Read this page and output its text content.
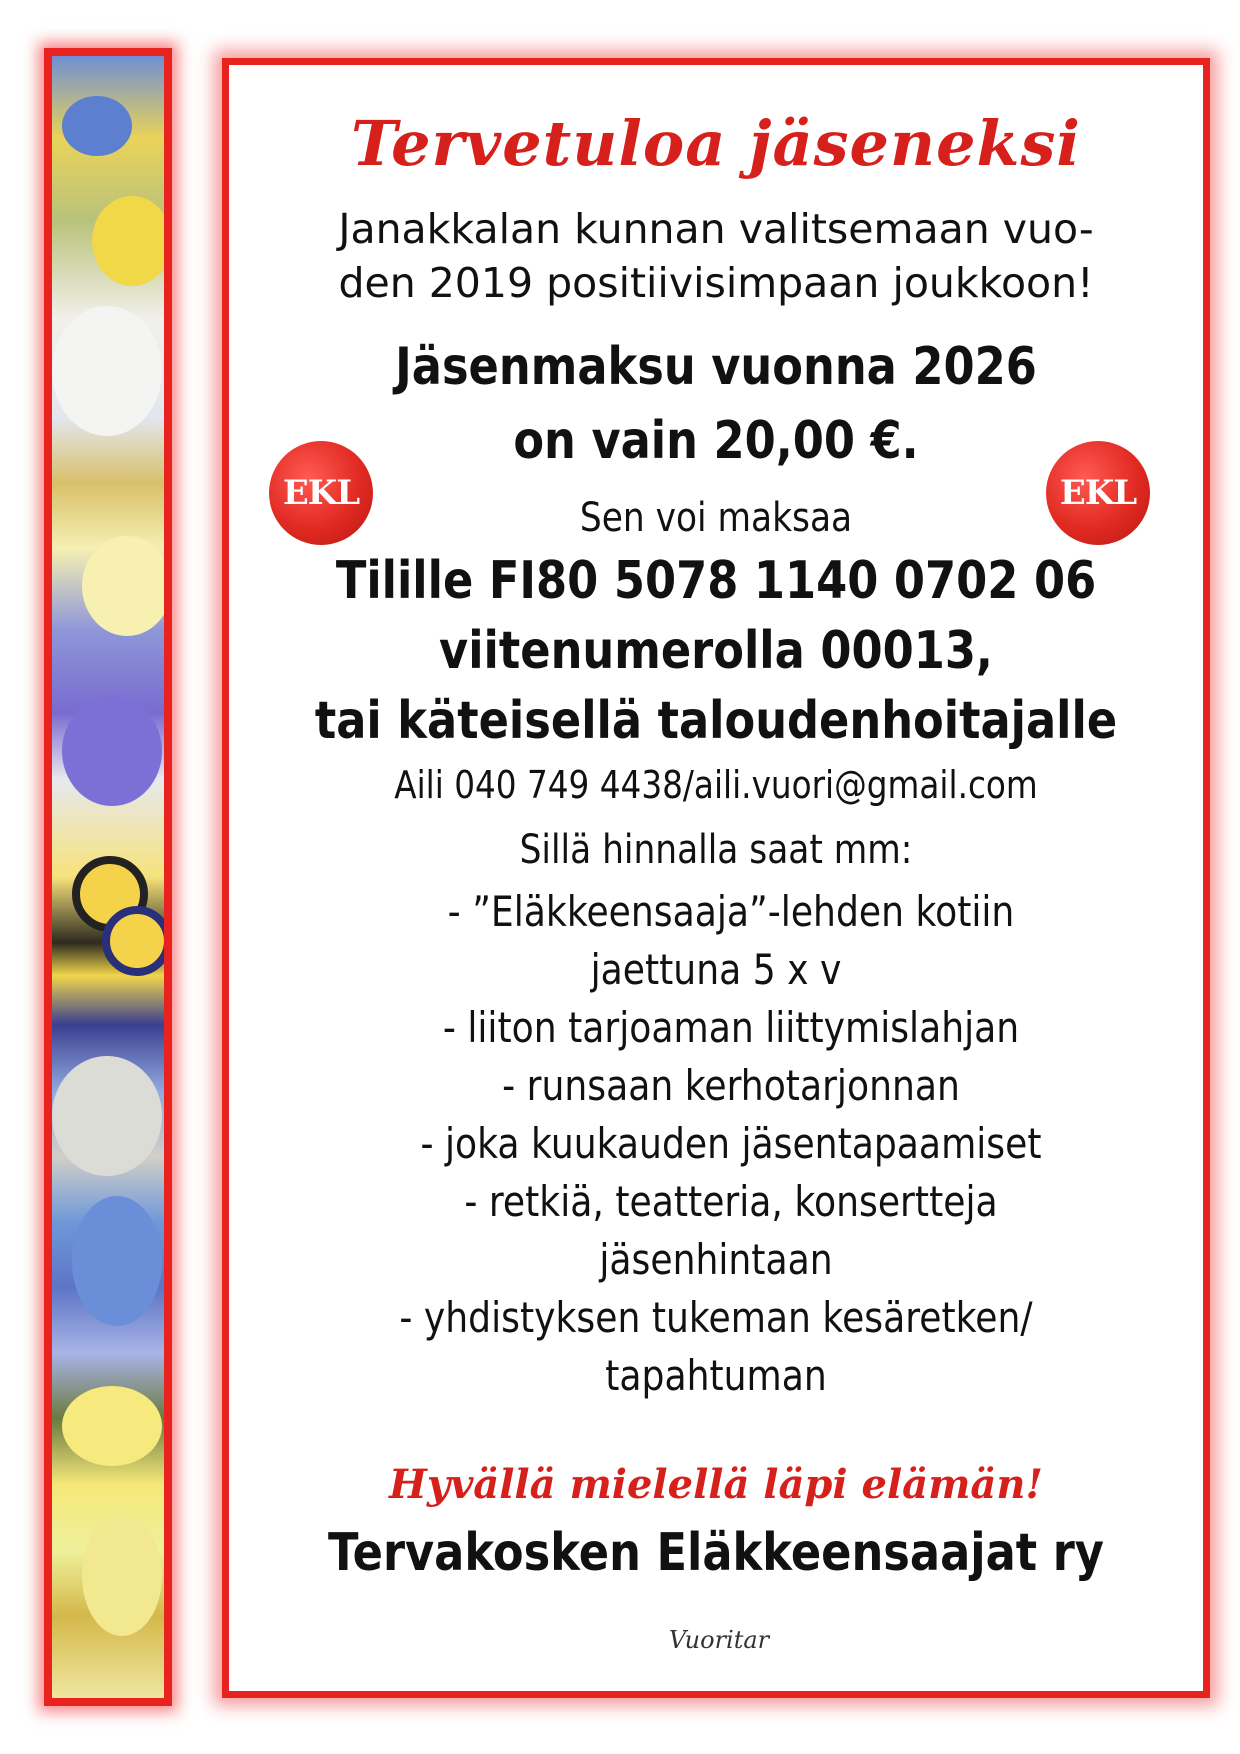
Tervetuloa jäseneksi
Janakkalan kunnan valitsemaan vuo-
den 2019 positiivisimpaan joukkoon!
Jäsenmaksu vuonna 2026
on vain 20,00 €.
EKL	EKL
Sen voi maksaa
Tilille FI80 5078 1140 0702 06
viitenumerolla 00013,
tai käteisellä taloudenhoitajalle
Aili 040 749 4438/aili.vuori@gmail.com
Sillä hinnalla saat mm:
- ”Eläkkeensaaja”-lehden kotiin
jaettuna 5 x v
- liiton tarjoaman liittymislahjan
- runsaan kerhotarjonnan
- joka kuukauden jäsentapaamiset
- retkiä, teatteria, konsertteja
jäsenhintaan
- yhdistyksen tukeman kesäretken/
tapahtuman
Hyvällä mielellä läpi elämän!
Tervakosken Eläkkeensaajat ry
Vuoritar
